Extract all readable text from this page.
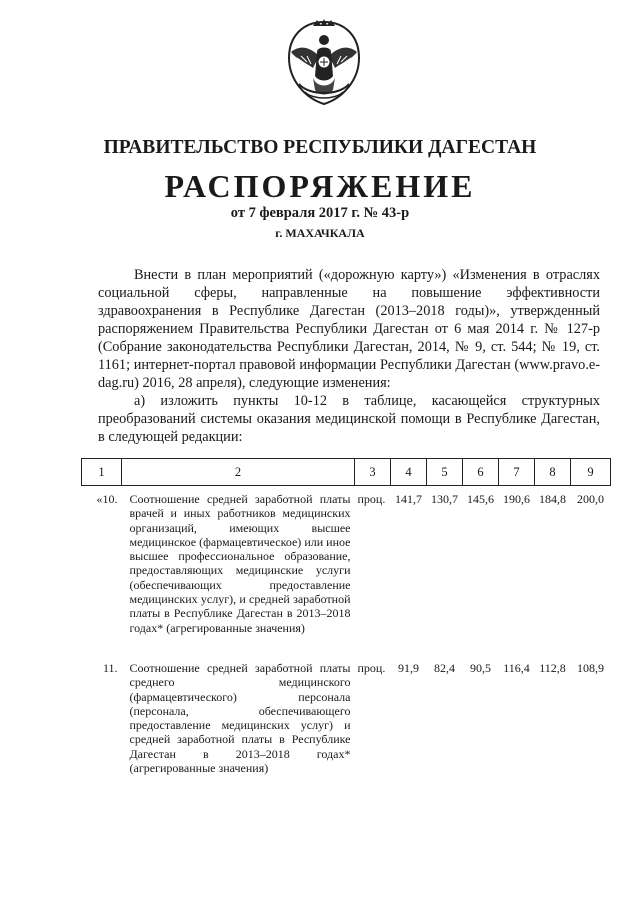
ПРАВИТЕЛЬСТВО РЕСПУБЛИКИ ДАГЕСТАН
РАСПОРЯЖЕНИЕ
от 7 февраля 2017 г. № 43-р
г. МАХАЧКАЛА

Внести в план мероприятий («дорожную карту») «Изменения в отраслях социальной сферы, направленные на повышение эффективности здравоохранения в Республике Дагестан (2013–2018 годы)», утвержденный распоряжением Правительства Республики Дагестан от 6 мая 2014 г. № 127-р (Собрание законодательства Республики Дагестан, 2014, № 9, ст. 544; № 19, ст. 1161; интернет-портал правовой информации Республики Дагестан (www.pravo.e-dag.ru) 2016, 28 апреля), следующие изменения:

а) изложить пункты 10-12 в таблице, касающейся структурных преобразований системы оказания медицинской помощи в Республике Дагестан, в следующей редакции:

1	2	3	4	5	6	7	8	9
«10.	Соотношение средней заработной платы врачей и иных работников медицинских организаций, имеющих высшее медицинское (фармацевтическое) или иное высшее профессиональное образование, предоставляющих медицинские услуги (обеспечивающих предоставление медицинских услуг), и средней заработной платы в Республике Дагестан в 2013–2018 годах* (агрегированные значения)	проц.	141,7	130,7	145,6	190,6	184,8	200,0
11.	Соотношение средней заработной платы среднего медицинского (фармацевтического) персонала (персонала, обеспечивающего предоставление медицинских услуг) и средней заработной платы в Республике Дагестан в 2013–2018 годах* (агрегированные значения)	проц.	91,9	82,4	90,5	116,4	112,8	108,9
